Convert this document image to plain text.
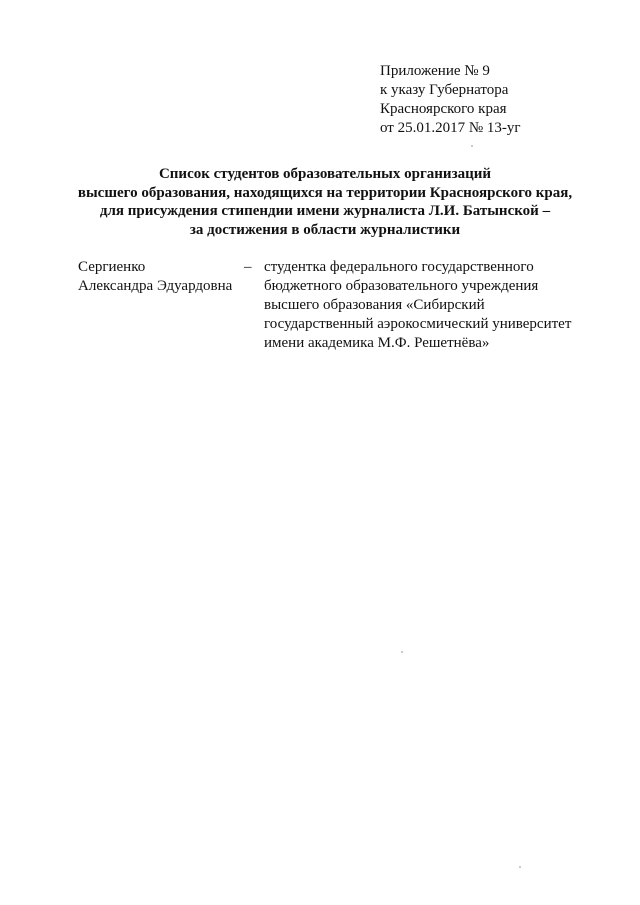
Приложение № 9
к указу Губернатора
Красноярского края
от 25.01.2017 № 13-уг
Список студентов образовательных организаций
высшего образования, находящихся на территории Красноярского края,
для присуждения стипендии имени журналиста Л.И. Батынской –
за достижения в области журналистики
Сергиенко
Александра Эдуардовна
– студентка федерального государственного
бюджетного образовательного учреждения
высшего образования «Сибирский
государственный аэрокосмический университет
имени академика М.Ф. Решетнёва»
